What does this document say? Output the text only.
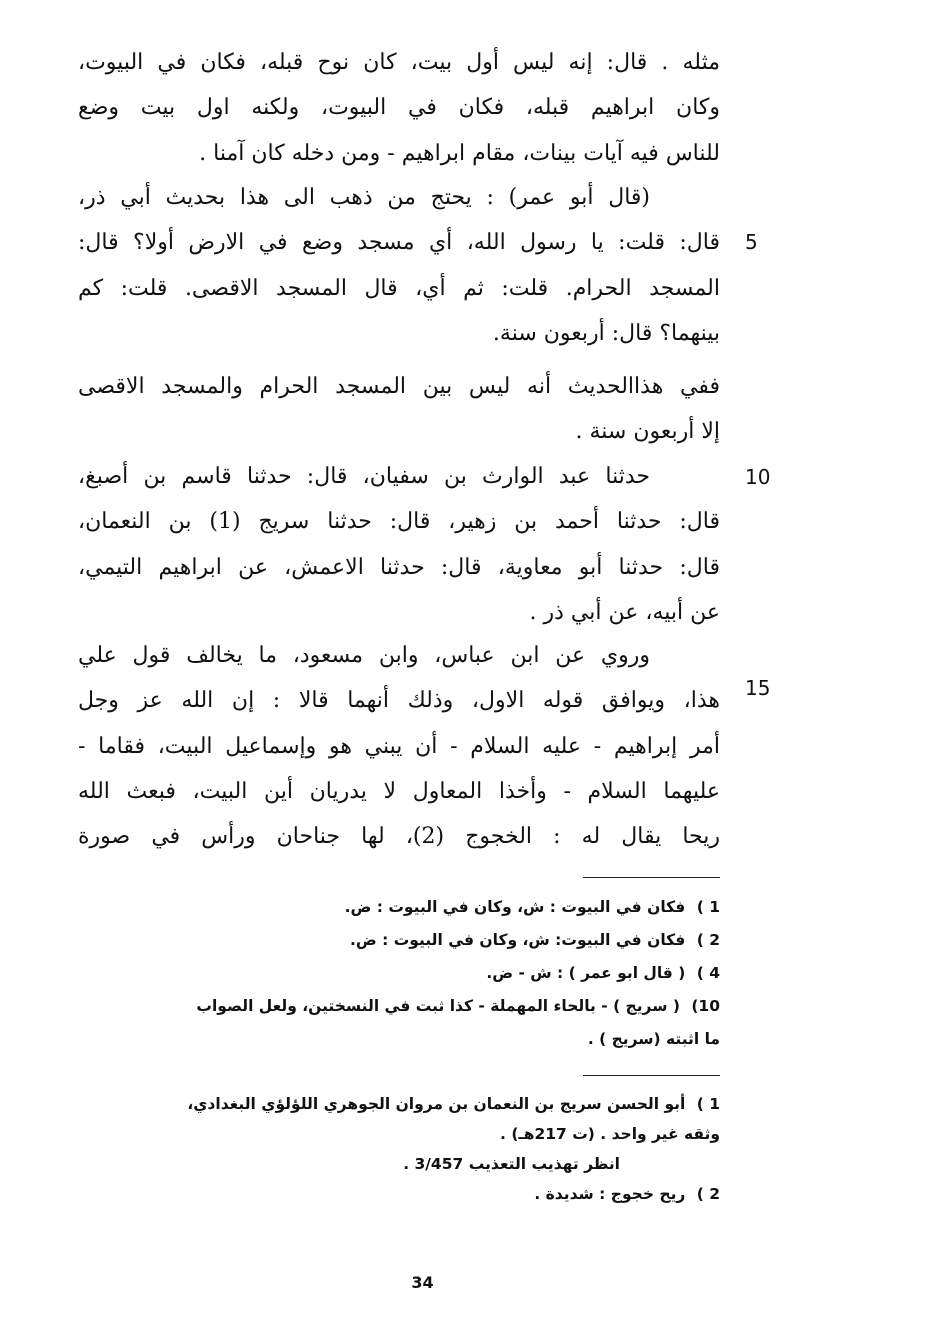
مثله . قال: إنه ليس أول بيت، كان نوح قبله، فكان في البيوت،
وكان ابراهيم قبله، فكان في البيوت، ولكنه اول بيت وضع
للناس فيه آيات بينات، مقام ابراهيم - ومن دخله كان آمنا .
(قال أبو عمر) : يحتج من ذهب الى هذا بحديث أبي ذر،
قال: قلت: يا رسول الله، أي مسجد وضع في الارض أولا؟ قال:
المسجد الحرام. قلت: ثم أي، قال المسجد الاقصى. قلت: كم
بينهما؟ قال: أربعون سنة.
ففي هذاالحديث أنه ليس بين المسجد الحرام والمسجد الاقصى
إلا أربعون سنة .
حدثنا عبد الوارث بن سفيان، قال: حدثنا قاسم بن أصبغ،
قال: حدثنا أحمد بن زهير، قال: حدثنا سريج (1) بن النعمان،
قال: حدثنا أبو معاوية، قال: حدثنا الاعمش، عن ابراهيم التيمي،
عن أبيه، عن أبي ذر .
وروي عن ابن عباس، وابن مسعود، ما يخالف قول علي
هذا، ويوافق قوله الاول، وذلك أنهما قالا : إن الله عز وجل
أمر إبراهيم - عليه السلام - أن يبني هو وإسماعيل البيت، فقاما -
عليهما السلام - وأخذا المعاول لا يدريان أين البيت، فبعث الله
ريحا يقال له : الخجوج (2)، لها جناحان ورأس في صورة
5
10
15
1 ) فكان في البيوت : ش، وكان في البيوت : ض.
2 ) فكان في البيوت: ش، وكان في البيوت : ض.
4 ) ( قال ابو عمر ) : ش - ض.
10) ( سريج ) - بالحاء المهملة - كذا ثبت في النسختين، ولعل الصواب
ما اثبته (سريج ) .
1 ) أبو الحسن سريج بن النعمان بن مروان الجوهري اللؤلؤي البغدادي،
وثقه غير واحد . (ت 217هـ) .
انظر تهذيب التعذيب 3/457 .
2 ) ريح خجوج : شديدة .
34
